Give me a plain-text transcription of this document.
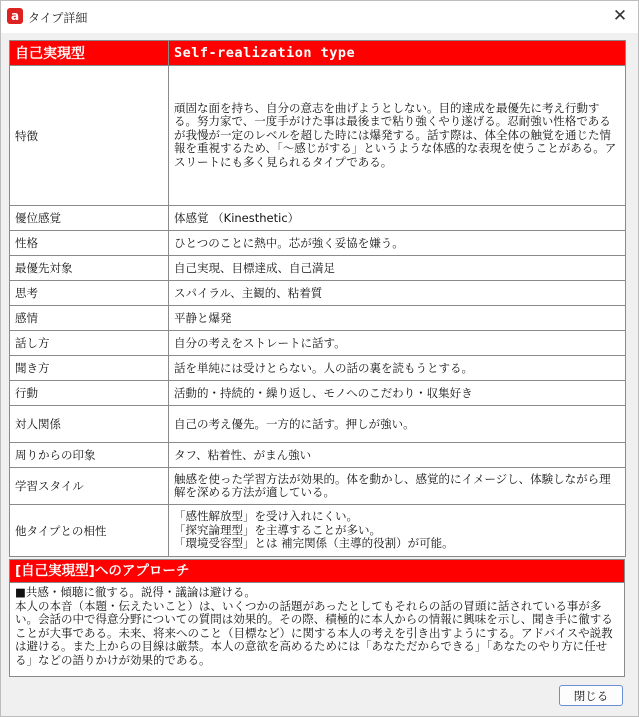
a タイプ詳細	✕
自己実現型	Self-realization type
特徴	頑固な面を持ち、自分の意志を曲げようとしない。目的達成を最優先に考え行動する。努力家で、一度手がけた事は最後まで粘り強くやり遂げる。忍耐強い性格であるが我慢が一定のレベルを超した時には爆発する。話す際は、体全体の触覚を通じた情報を重視するため、「～感じがする」というような体感的な表現を使うことがある。アスリートにも多く見られるタイプである。
優位感覚	体感覚 （Kinesthetic）
性格	ひとつのことに熱中。芯が強く妥協を嫌う。
最優先対象	自己実現、目標達成、自己満足
思考	スパイラル、主観的、粘着質
感情	平静と爆発
話し方	自分の考えをストレートに話す。
聞き方	話を単純には受けとらない。人の話の裏を読もうとする。
行動	活動的・持続的・繰り返し、モノへのこだわり・収集好き
対人関係	自己の考え優先。一方的に話す。押しが強い。
周りからの印象	タフ、粘着性、がまん強い
学習スタイル	触感を使った学習方法が効果的。体を動かし、感覚的にイメージし、体験しながら理解を深める方法が適している。
他タイプとの相性	「感性解放型」を受け入れにくい。
「探究論理型」を主導することが多い。
「環境受容型」とは 補完関係（主導的役割）が可能。
[自己実現型]へのアプローチ
■共感・傾聴に徹する。説得・議論は避ける。
本人の本音（本題・伝えたいこと）は、いくつかの話題があったとしてもそれらの話の冒頭に話されている事が多い。会話の中で得意分野についての質問は効果的。その際、積極的に本人からの情報に興味を示し、聞き手に徹することが大事である。未来、将来へのこと（目標など）に関する本人の考えを引き出すようにする。アドバイスや説教は避ける。また上からの目線は厳禁。本人の意欲を高めるためには「あなただからできる」「あなたのやり方に任せる」などの語りかけが効果的である。
閉じる
